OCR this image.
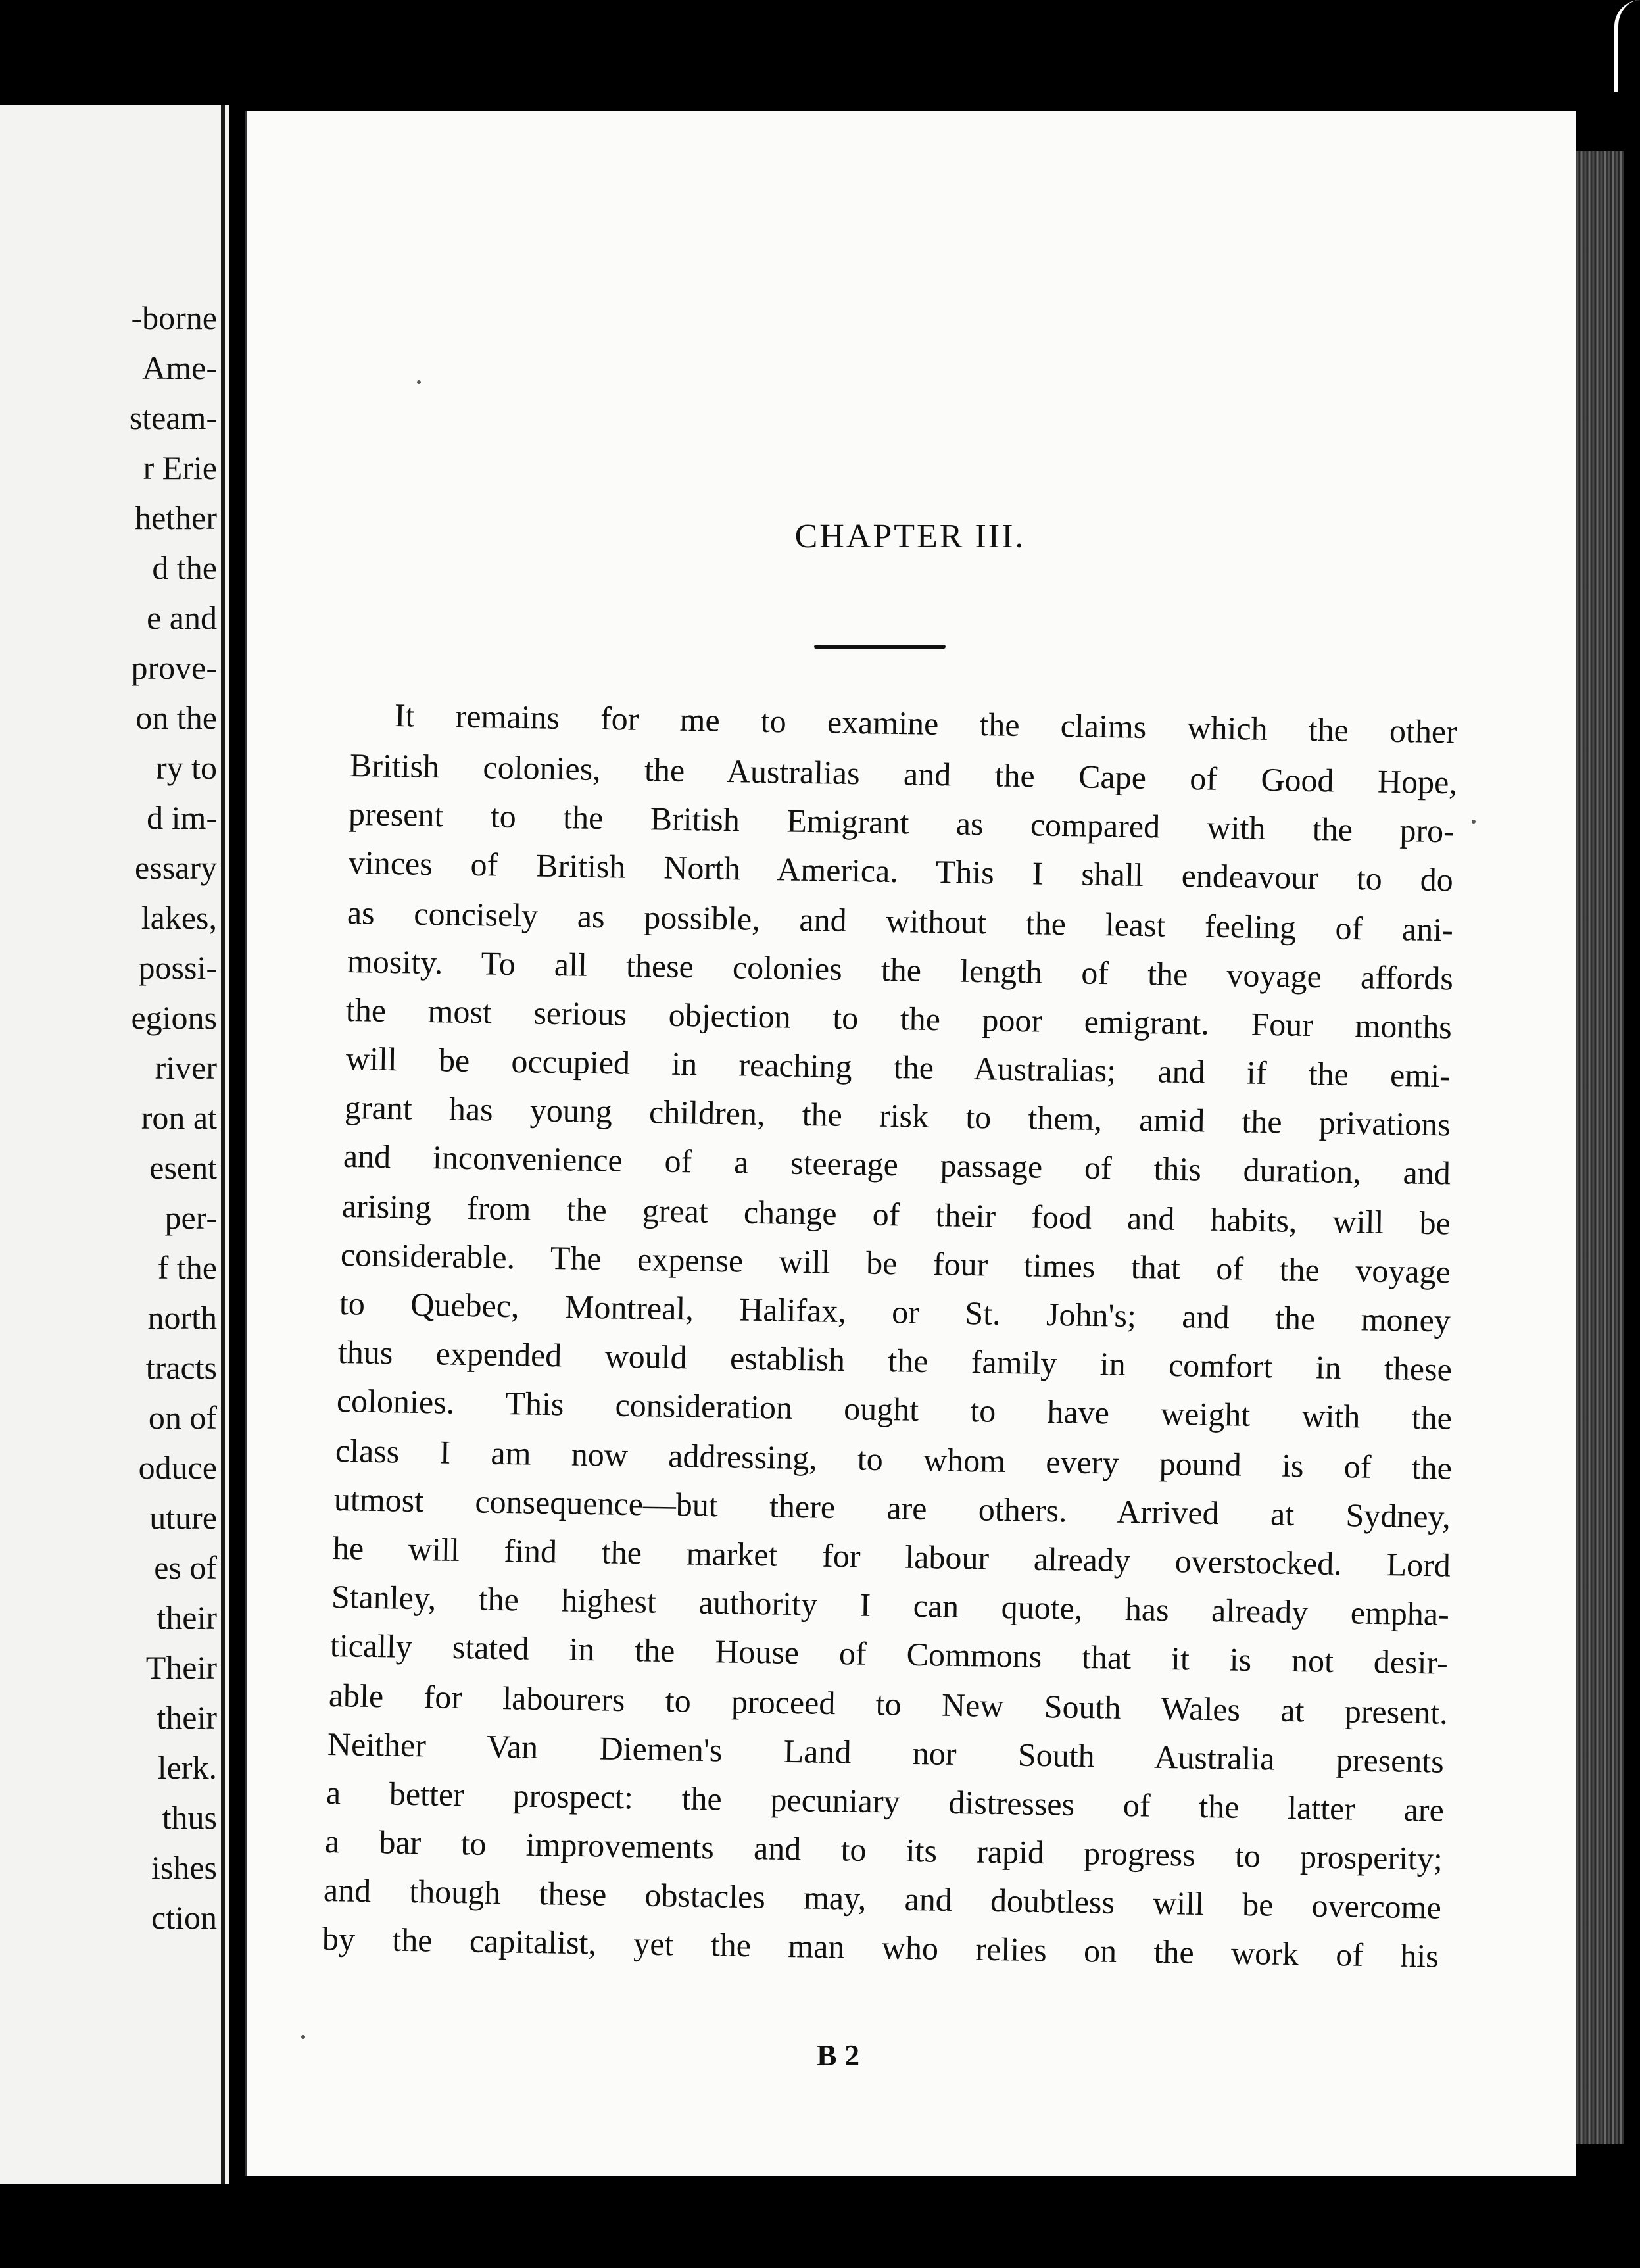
-borne
Ame-
steam-
r Erie
hether
d the
e and
prove-
on the
ry to
d im-
essary
lakes,
possi-
egions
river
ron at
esent
per-
f the
north
tracts
on of
oduce
uture
es of
their
Their
their
lerk.
thus
ishes
ction
CHAPTER III.
It remains for me to examine the claims which the other
British colonies, the Australias and the Cape of Good Hope,
present to the British Emigrant as compared with the pro-
vinces of British North America. This I shall endeavour to do
as concisely as possible, and without the least feeling of ani-
mosity. To all these colonies the length of the voyage affords
the most serious objection to the poor emigrant. Four months
will be occupied in reaching the Australias; and if the emi-
grant has young children, the risk to them, amid the privations
and inconvenience of a steerage passage of this duration, and
arising from the great change of their food and habits, will be
considerable. The expense will be four times that of the voyage
to Quebec, Montreal, Halifax, or St. John's; and the money
thus expended would establish the family in comfort in these
colonies. This consideration ought to have weight with the
class I am now addressing, to whom every pound is of the
utmost consequence—but there are others. Arrived at Sydney,
he will find the market for labour already overstocked. Lord
Stanley, the highest authority I can quote, has already empha-
tically stated in the House of Commons that it is not desir-
able for labourers to proceed to New South Wales at present.
Neither Van Diemen's Land nor South Australia presents
a better prospect: the pecuniary distresses of the latter are
a bar to improvements and to its rapid progress to prosperity;
and though these obstacles may, and doubtless will be overcome
by the capitalist, yet the man who relies on the work of his
B 2
